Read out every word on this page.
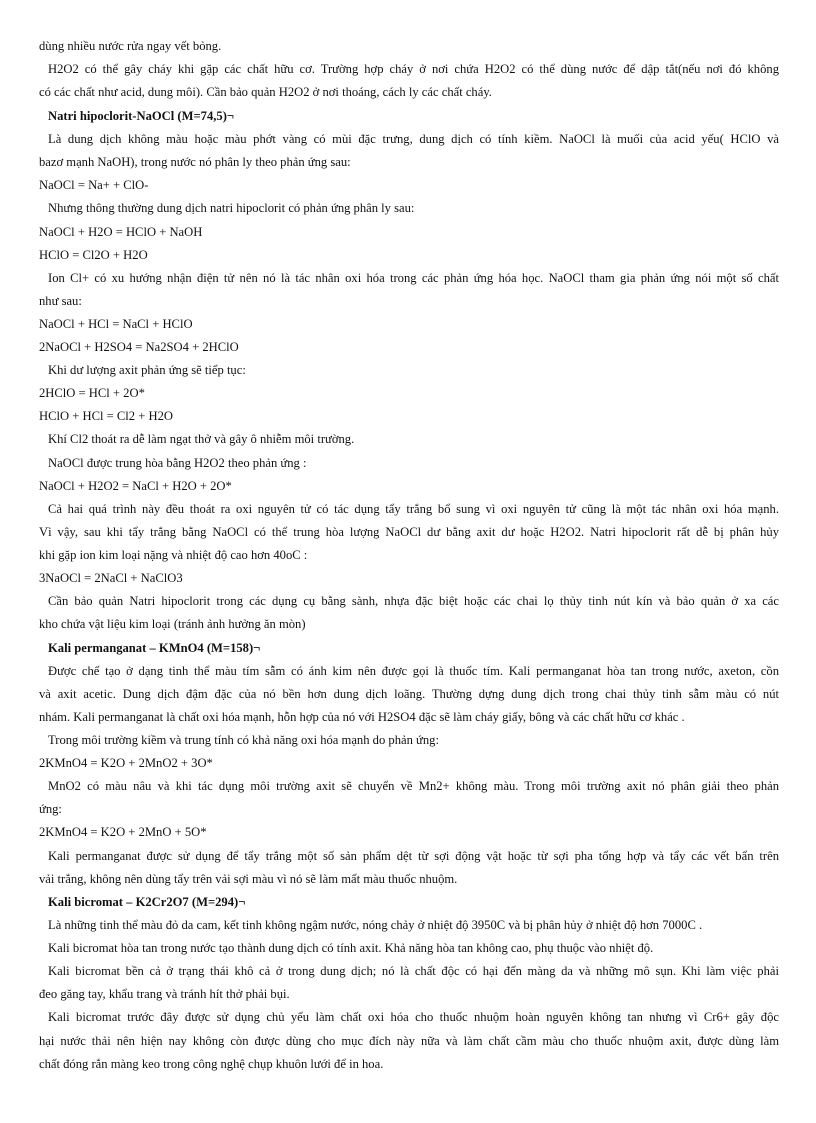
dùng nhiều nước rửa ngay vết bỏng.
H2O2 có thể gây cháy khi gặp các chất hữu cơ. Trường hợp cháy ở nơi chứa H2O2 có thể dùng nước để dập tắt(nếu nơi đó không
có các chất như acid, dung môi). Cần bảo quản H2O2 ở nơi thoáng, cách ly các chất cháy.
Natri hipoclorit-NaOCl (M=74,5)¬
Là dung dịch không màu hoặc màu phớt vàng có mùi đặc trưng, dung dịch có tính kiềm. NaOCl là muối của acid yếu( HClO và
bazơ mạnh NaOH), trong nước nó phân ly theo phản ứng sau:
NaOCl = Na+ + ClO-
Nhưng thông thường dung dịch natri hipoclorit có phản ứng phân ly sau:
NaOCl + H2O = HClO + NaOH
HClO = Cl2O + H2O
Ion Cl+ có xu hướng nhận điện tử nên nó là tác nhân oxi hóa trong các phản ứng hóa học. NaOCl tham gia phản ứng nói một số chất
như sau:
NaOCl + HCl = NaCl + HClO
2NaOCl + H2SO4 = Na2SO4 + 2HClO
Khi dư lượng axit phản ứng sẽ tiếp tục:
2HClO = HCl + 2O*
HClO + HCl = Cl2 + H2O
Khí Cl2 thoát ra dễ làm ngạt thở và gây ô nhiễm môi trường.
NaOCl được trung hòa bằng H2O2 theo phản ứng :
NaOCl + H2O2 = NaCl + H2O + 2O*
Cả hai quá trình này đều thoát ra oxi nguyên tử có tác dụng tẩy trắng bổ sung vì oxi nguyên tử cũng là một tác nhân oxi hóa mạnh.
Vì vậy, sau khi tẩy trắng bằng NaOCl có thể trung hòa lượng NaOCl dư bằng axit dư hoặc H2O2. Natri hipoclorit rất dễ bị phân hủy
khi gặp ion kim loại nặng và nhiệt độ cao hơn 40oC :
3NaOCl = 2NaCl + NaClO3
Cần bảo quản Natri hipoclorit trong các dụng cụ bằng sành, nhựa đặc biệt hoặc các chai lọ thủy tinh nút kín và bảo quản ở xa các
kho chứa vật liệu kim loại (tránh ảnh hưởng ăn mòn)
Kali permanganat – KMnO4 (M=158)¬
Được chế tạo ở dạng tinh thể màu tím sẫm có ánh kim nên được gọi là thuốc tím. Kali permanganat hòa tan trong nước, axeton, cồn
và axit acetic. Dung dịch đậm đặc của nó bền hơn dung dịch loãng. Thường dựng dung dịch trong chai thủy tinh sẫm màu có nút
nhám. Kali permanganat là chất oxi hóa mạnh, hỗn hợp của nó với H2SO4 đặc sẽ làm cháy giấy, bông và các chất hữu cơ khác .
Trong môi trường kiềm và trung tính có khả năng oxi hóa mạnh do phản ứng:
2KMnO4 = K2O + 2MnO2 + 3O*
MnO2 có màu nâu và khi tác dụng môi trường axit sẽ chuyển về Mn2+ không màu. Trong môi trường axit nó phân giải theo phản
ứng:
2KMnO4 = K2O + 2MnO + 5O*
Kali permanganat được sử dụng để tẩy trắng một số sản phẩm dệt từ sợi động vật hoặc từ sợi pha tổng hợp và tẩy các vết bẩn trên
vải trắng, không nên dùng tẩy trên vải sợi màu vì nó sẽ làm mất màu thuốc nhuộm.
Kali bicromat – K2Cr2O7 (M=294)¬
Là những tinh thể màu đỏ da cam, kết tinh không ngậm nước, nóng chảy ở nhiệt độ 3950C và bị phân hủy ở nhiệt độ hơn 7000C .
Kali bicromat hòa tan trong nước tạo thành dung dịch có tính axit. Khả năng hòa tan không cao, phụ thuộc vào nhiệt độ.
Kali bicromat bền cả ở trạng thái khô cả ở trong dung dịch; nó là chất độc có hại đến màng da và những mô sụn. Khi làm việc phải
đeo găng tay, khẩu trang và tránh hít thở phải bụi.
Kali bicromat trước đây được sử dụng chủ yếu làm chất oxi hóa cho thuốc nhuộm hoàn nguyên không tan nhưng vì Cr6+ gây độc
hại nước thải nên hiện nay không còn được dùng cho mục đích này nữa và làm chất cầm màu cho thuốc nhuộm axit, được dùng làm
chất đóng rắn màng keo trong công nghệ chụp khuôn lưới để in hoa.
